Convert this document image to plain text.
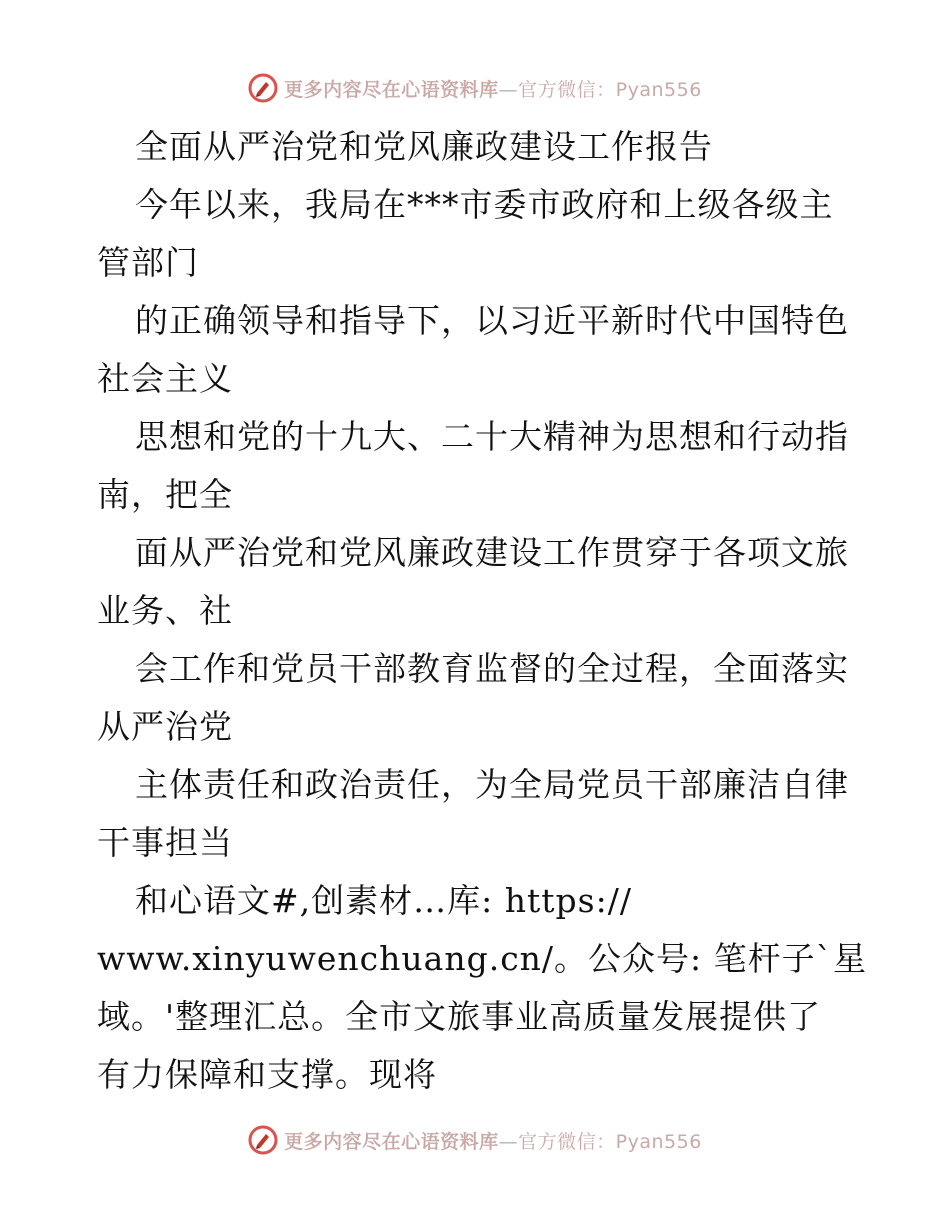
更多内容尽在心语资料库—官方微信：Pyan556
全面从严治党和党风廉政建设工作报告
今年以来，我局在***市委市政府和上级各级主
管部门
的正确领导和指导下，以习近平新时代中国特色
社会主义
思想和党的十九大、二十大精神为思想和行动指
南，把全
面从严治党和党风廉政建设工作贯穿于各项文旅
业务、社
会工作和党员干部教育监督的全过程，全面落实
从严治党
主体责任和政治责任，为全局党员干部廉洁自律
干事担当
和心语文#,创素材…库: https://
www.xinyuwenchuang.cn/。公众号: 笔杆子`星
域。'整理汇总。全市文旅事业高质量发展提供了
有力保障和支撑。现将
更多内容尽在心语资料库—官方微信：Pyan556
